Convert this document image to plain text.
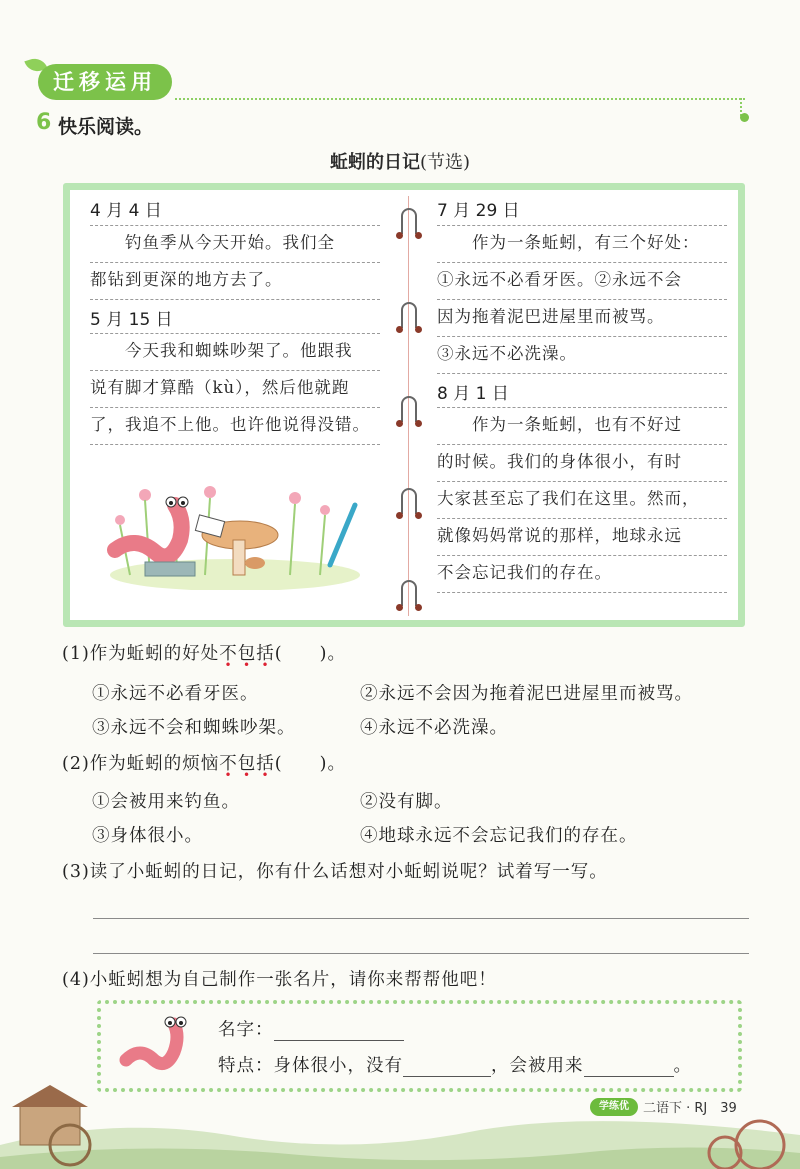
迁移运用
6 快乐阅读。
蚯蚓的日记(节选)
4 月 4 日
　　钓鱼季从今天开始。我们全
都钻到更深的地方去了。
5 月 15 日
　　今天我和蜘蛛吵架了。他跟我
说有脚才算酷（kù），然后他就跑
了，我追不上他。也许他说得没错。
7 月 29 日
　　作为一条蚯蚓，有三个好处：
①永远不必看牙医。②永远不会
因为拖着泥巴进屋里而被骂。
③永远不必洗澡。
8 月 1 日
　　作为一条蚯蚓，也有不好过
的时候。我们的身体很小，有时
大家甚至忘了我们在这里。然而，
就像妈妈常说的那样，地球永远
不会忘记我们的存在。
(1)作为蚯蚓的好处不包括(　　)。
①永远不必看牙医。	②永远不会因为拖着泥巴进屋里而被骂。
③永远不会和蜘蛛吵架。	④永远不必洗澡。
(2)作为蚯蚓的烦恼不包括(　　)。
①会被用来钓鱼。	②没有脚。
③身体很小。	④地球永远不会忘记我们的存在。
(3)读了小蚯蚓的日记，你有什么话想对小蚯蚓说呢？试着写一写。
(4)小蚯蚓想为自己制作一张名片，请你来帮帮他吧！
名字：
特点：身体很小，没有	，会被用来	。
学练优	二语下 · RJ　39
